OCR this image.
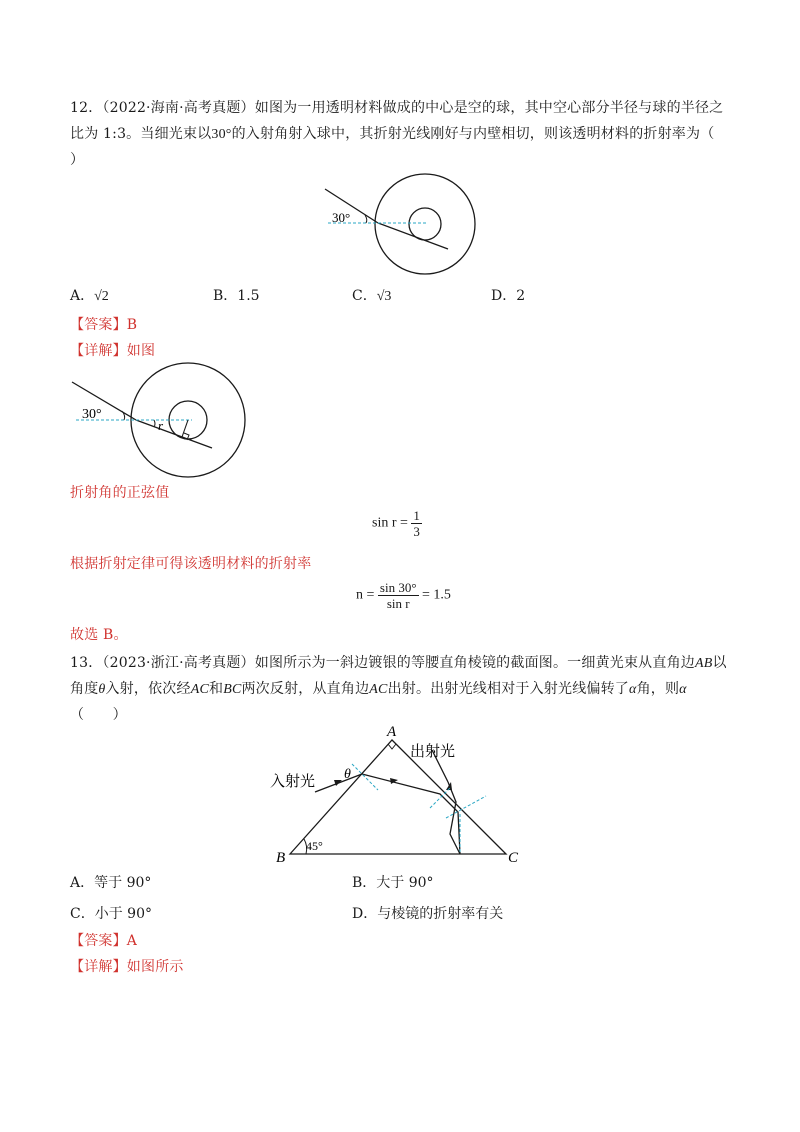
12．（2022·海南·高考真题）如图为一用透明材料做成的中心是空的球，其中空心部分半径与球的半径之
比为 1:3。当细光束以30°的入射角射入球中，其折射光线刚好与内壁相切，则该透明材料的折射率为（
）
30°
A．√2	B．1.5	C．√3	D．2
【答案】B
【详解】如图
30°
r
折射角的正弦值
$\sin r = \frac{1}{3}$
根据折射定律可得该透明材料的折射率
$n = \frac{\sin 30^\circ}{\text{sin r}} = 1.5$
故选 B。
13．（2023·浙江·高考真题）如图所示为一斜边镀银的等腰直角棱镜的截面图。一细黄光束从直角边AB以
角度θ入射，依次经AC和BC两次反射，从直角边AC出射。出射光线相对于入射光线偏转了α角，则α
（　　）
A
B	C
入射光
出射光
θ
45°
A．等于 90°	B．大于 90°
C．小于 90°	D．与棱镜的折射率有关
【答案】A
【详解】如图所示
